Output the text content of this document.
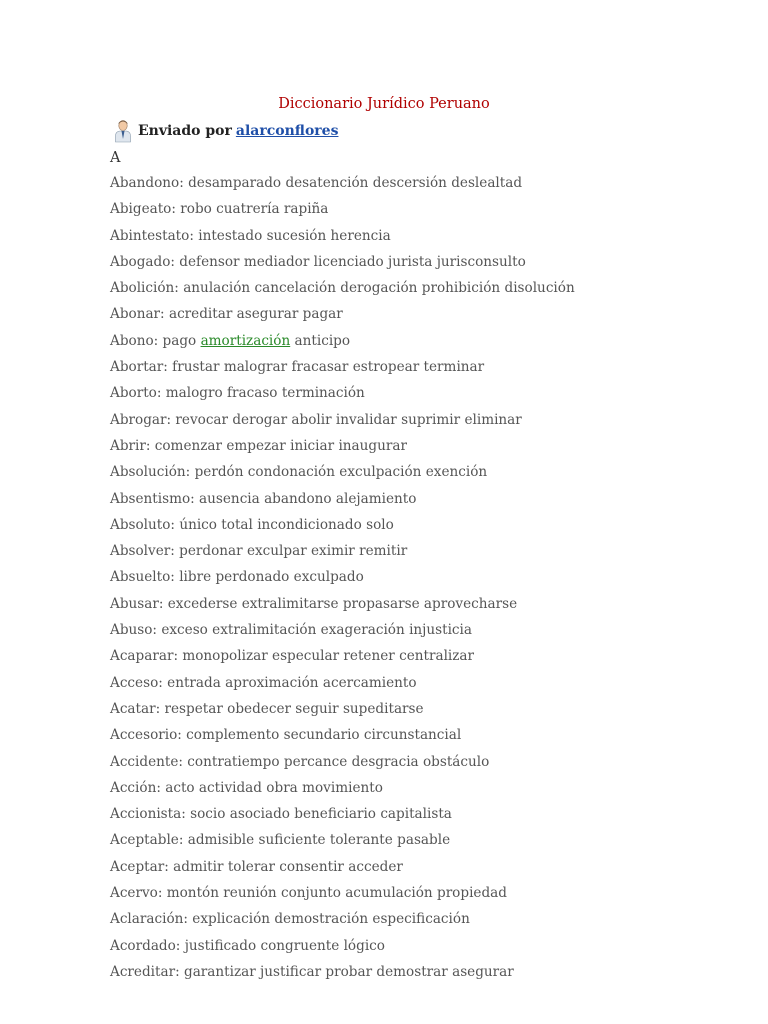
Diccionario Jurídico Peruano
Enviado por alarconflores
A
Abandono: desamparado desatención descersión deslealtad
Abigeato: robo cuatrería rapiña
Abintestato: intestado sucesión herencia
Abogado: defensor mediador licenciado jurista jurisconsulto
Abolición: anulación cancelación derogación prohibición disolución
Abonar: acreditar asegurar pagar
Abono: pago amortización anticipo
Abortar: frustar malograr fracasar estropear terminar
Aborto: malogro fracaso terminación
Abrogar: revocar derogar abolir invalidar suprimir eliminar
Abrir: comenzar empezar iniciar inaugurar
Absolución: perdón condonación exculpación exención
Absentismo: ausencia abandono alejamiento
Absoluto: único total incondicionado solo
Absolver: perdonar exculpar eximir remitir
Absuelto: libre perdonado exculpado
Abusar: excederse extralimitarse propasarse aprovecharse
Abuso: exceso extralimitación exageración injusticia
Acaparar: monopolizar especular retener centralizar
Acceso: entrada aproximación acercamiento
Acatar: respetar obedecer seguir supeditarse
Accesorio: complemento secundario circunstancial
Accidente: contratiempo percance desgracia obstáculo
Acción: acto actividad obra movimiento
Accionista: socio asociado beneficiario capitalista
Aceptable: admisible suficiente tolerante pasable
Aceptar: admitir tolerar consentir acceder
Acervo: montón reunión conjunto acumulación propiedad
Aclaración: explicación demostración especificación
Acordado: justificado congruente lógico
Acreditar: garantizar justificar probar demostrar asegurar
